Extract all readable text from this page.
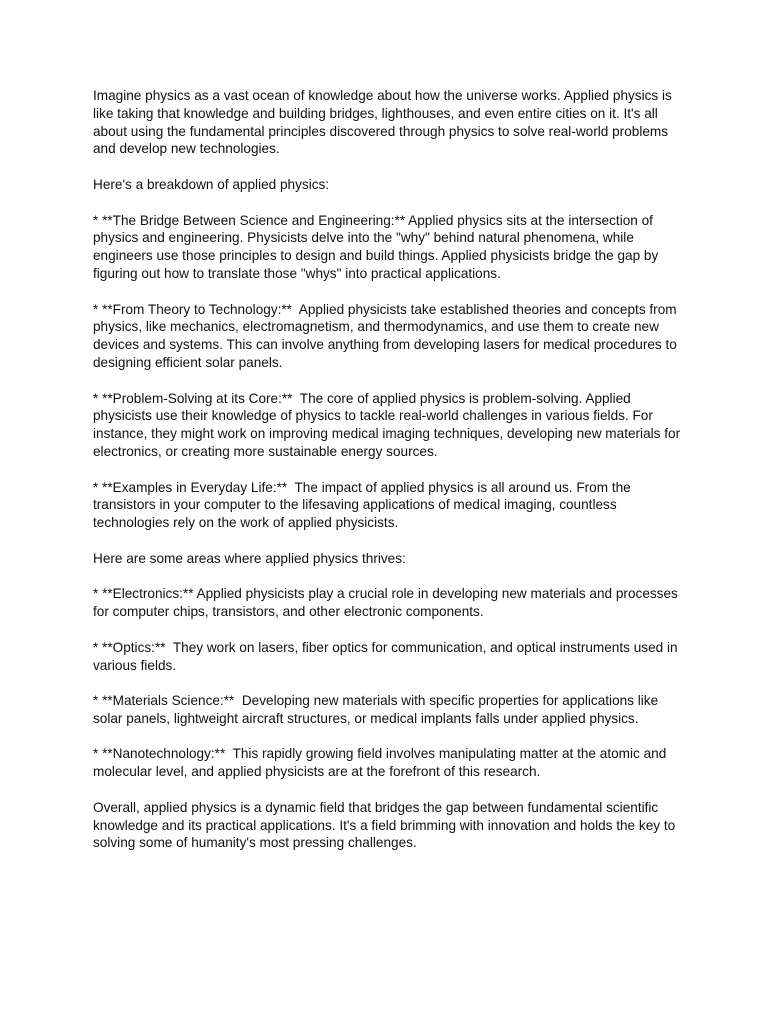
Imagine physics as a vast ocean of knowledge about how the universe works. Applied physics is like taking that knowledge and building bridges, lighthouses, and even entire cities on it. It's all about using the fundamental principles discovered through physics to solve real-world problems and develop new technologies.

Here's a breakdown of applied physics:

* **The Bridge Between Science and Engineering:** Applied physics sits at the intersection of physics and engineering. Physicists delve into the "why" behind natural phenomena, while engineers use those principles to design and build things. Applied physicists bridge the gap by figuring out how to translate those "whys" into practical applications.

* **From Theory to Technology:**  Applied physicists take established theories and concepts from physics, like mechanics, electromagnetism, and thermodynamics, and use them to create new devices and systems. This can involve anything from developing lasers for medical procedures to designing efficient solar panels.

* **Problem-Solving at its Core:**  The core of applied physics is problem-solving. Applied physicists use their knowledge of physics to tackle real-world challenges in various fields. For instance, they might work on improving medical imaging techniques, developing new materials for electronics, or creating more sustainable energy sources.

* **Examples in Everyday Life:**  The impact of applied physics is all around us. From the transistors in your computer to the lifesaving applications of medical imaging, countless technologies rely on the work of applied physicists.

Here are some areas where applied physics thrives:

* **Electronics:** Applied physicists play a crucial role in developing new materials and processes for computer chips, transistors, and other electronic components.

* **Optics:**  They work on lasers, fiber optics for communication, and optical instruments used in various fields.

* **Materials Science:**  Developing new materials with specific properties for applications like solar panels, lightweight aircraft structures, or medical implants falls under applied physics.

* **Nanotechnology:**  This rapidly growing field involves manipulating matter at the atomic and molecular level, and applied physicists are at the forefront of this research.

Overall, applied physics is a dynamic field that bridges the gap between fundamental scientific knowledge and its practical applications. It's a field brimming with innovation and holds the key to solving some of humanity's most pressing challenges.
